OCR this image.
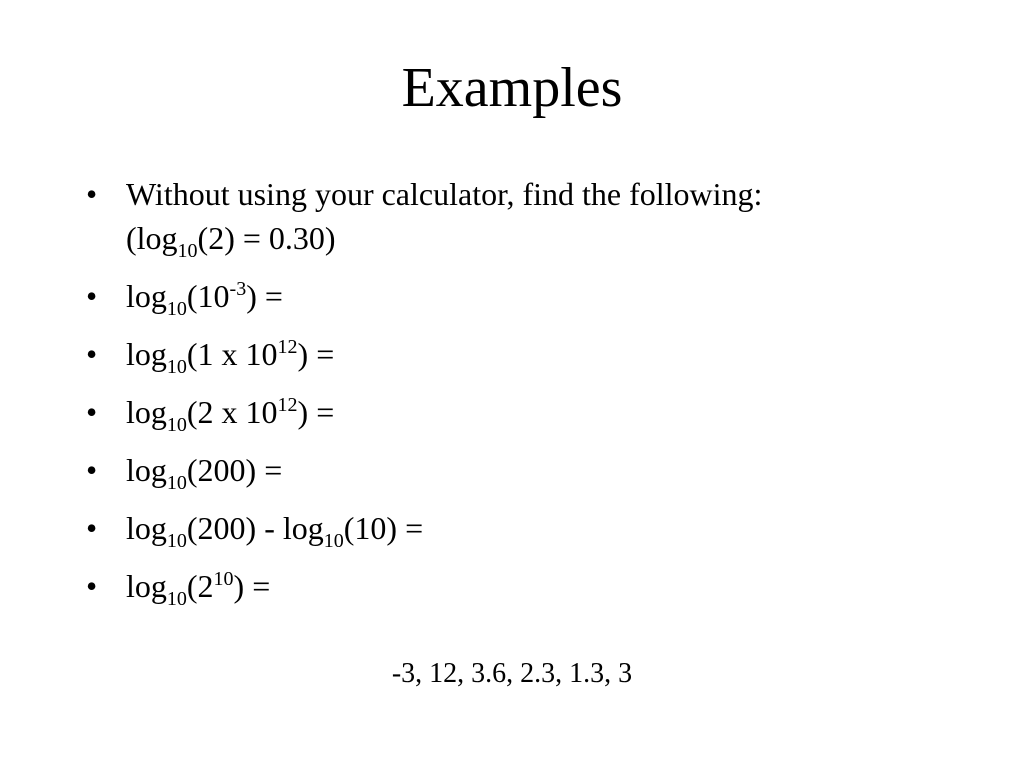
Examples
• Without using your calculator, find the following:
$(\log_{10}(2) = 0.30)$
• $\log_{10}(10^{-3})$ =
• $\log_{10}(1$ x $10^{12}$) =
• $\log_{10}(2$ x $10^{12}$) =
• $\log_{10}(200)$ =
• $\log_{10}(200) - \log_{10}(10)$ =
• $\log_{10}(2^{10})$ =
-3, 12, 3.6, 2.3, 1.3, 3
